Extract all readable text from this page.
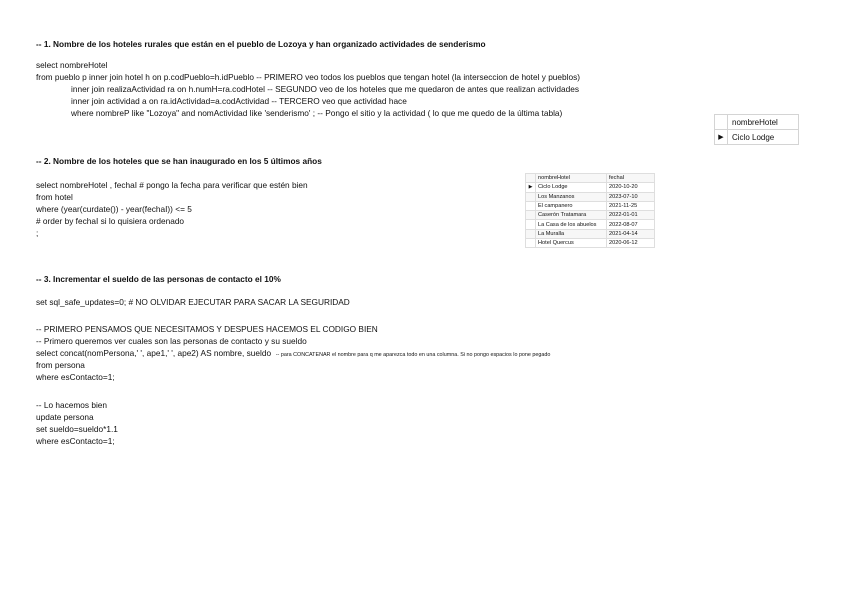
-- 1. Nombre de los hoteles rurales que están en el pueblo de Lozoya y han organizado actividades de senderismo
select nombreHotel
from pueblo p inner join hotel h on p.codPueblo=h.idPueblo -- PRIMERO veo todos los pueblos que tengan hotel (la interseccion de hotel y pueblos)
inner join realizaActividad ra on h.numH=ra.codHotel -- SEGUNDO veo de los hoteles que me quedaron de antes que realizan actividades
inner join actividad a on ra.idActividad=a.codActividad -- TERCERO veo que actividad hace
where nombreP like "Lozoya" and nomActividad like 'senderismo' ; -- Pongo el sitio y la actividad ( lo que me quedo de la última tabla)
	nombreHotel
▶	Ciclo Lodge
-- 2. Nombre de los hoteles que se han inaugurado en los 5 últimos años
select nombreHotel , fechaI # pongo la fecha para verificar que estén bien
from hotel
where (year(curdate()) - year(fechaI)) <= 5
# order by fechaI si lo quisiera ordenado
;
	nombreHotel	fechaI
▶	Ciclo Lodge	2020-10-20
	Los Manzanos	2023-07-10
	El campanero	2021-11-25
	Caserón Tratamara	2022-01-01
	La Casa de los abuelos	2022-08-07
	La Muralla	2021-04-14
	Hotel Quercus	2020-06-12
-- 3. Incrementar el sueldo de las personas de contacto el 10%
set sql_safe_updates=0; # NO OLVIDAR EJECUTAR PARA SACAR LA SEGURIDAD
-- PRIMERO PENSAMOS QUE NECESITAMOS Y DESPUES HACEMOS EL CODIGO BIEN
-- Primero queremos ver cuales son las personas de contacto y su sueldo
select concat(nomPersona,' ', ape1,' ', ape2) AS nombre, sueldo -- para CONCATENAR el nombre para q me aparezca todo en una columna. Si no pongo espacios lo pone pegado
from persona
where esContacto=1;
-- Lo hacemos bien
update persona
set sueldo=sueldo*1.1
where esContacto=1;
